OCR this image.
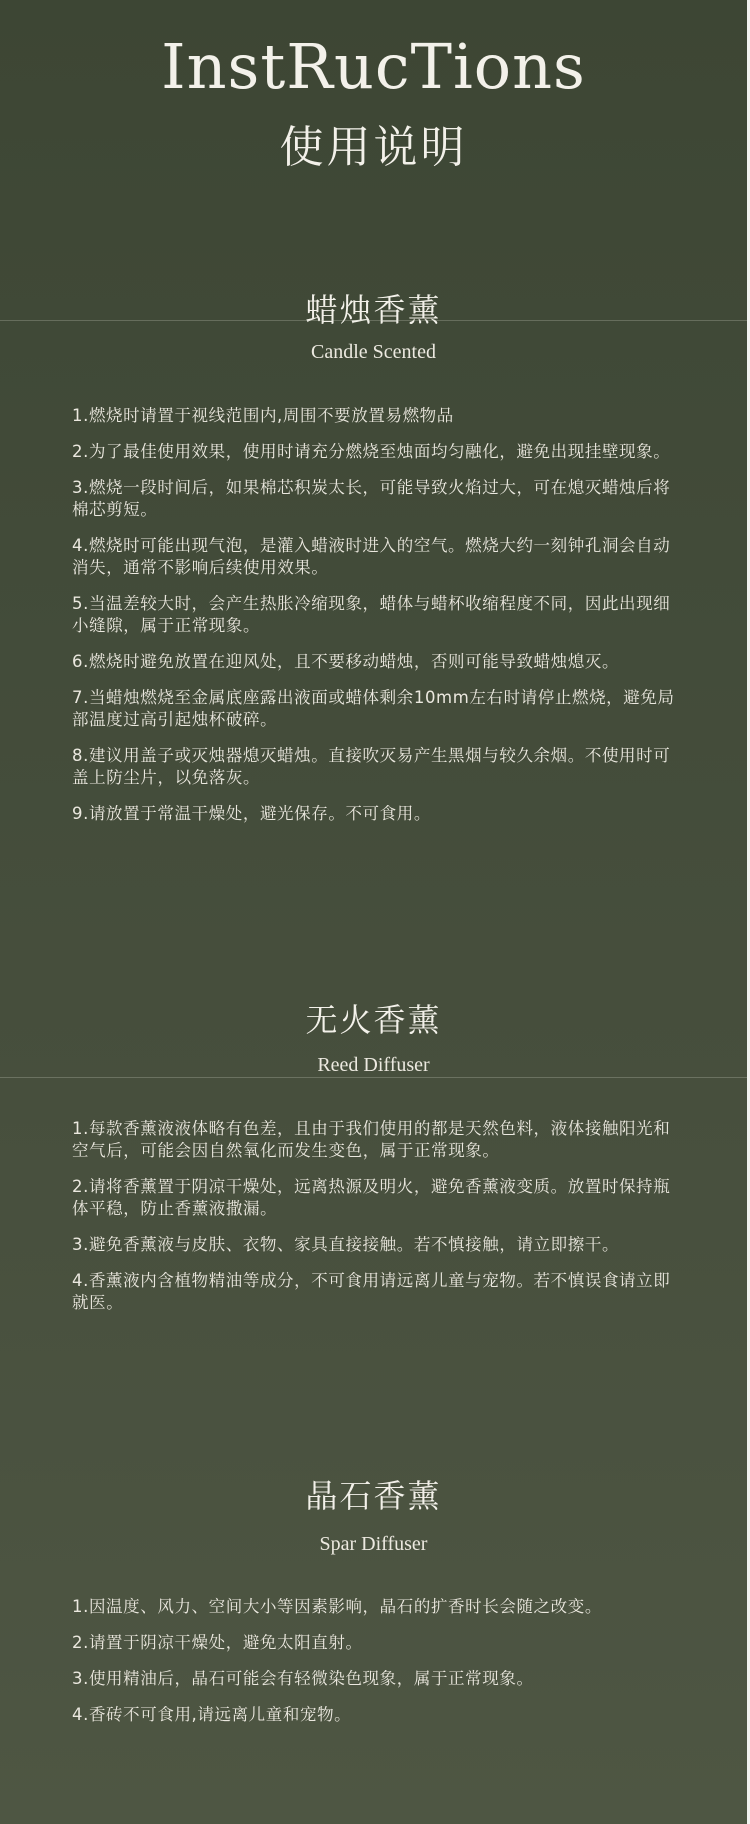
InstRucTions
使用说明
蜡烛香薰
Candle Scented
1.燃烧时请置于视线范围内,周围不要放置易燃物品
2.为了最佳使用效果，使用时请充分燃烧至烛面均匀融化，避免出现挂壁现象。
3.燃烧一段时间后，如果棉芯积炭太长，可能导致火焰过大，可在熄灭蜡烛后将棉芯剪短。
4.燃烧时可能出现气泡，是灌入蜡液时进入的空气。燃烧大约一刻钟孔洞会自动消失，通常不影响后续使用效果。
5.当温差较大时，会产生热胀冷缩现象，蜡体与蜡杯收缩程度不同，因此出现细小缝隙，属于正常现象。
6.燃烧时避免放置在迎风处，且不要移动蜡烛，否则可能导致蜡烛熄灭。
7.当蜡烛燃烧至金属底座露出液面或蜡体剩余10mm左右时请停止燃烧，避免局部温度过高引起烛杯破碎。
8.建议用盖子或灭烛器熄灭蜡烛。直接吹灭易产生黑烟与较久余烟。不使用时可盖上防尘片，以免落灰。
9.请放置于常温干燥处，避光保存。不可食用。
无火香薰
Reed Diffuser
1.每款香薰液液体略有色差，且由于我们使用的都是天然色料，液体接触阳光和空气后，可能会因自然氧化而发生变色，属于正常现象。
2.请将香薰置于阴凉干燥处，远离热源及明火，避免香薰液变质。放置时保持瓶体平稳，防止香薰液撒漏。
3.避免香薰液与皮肤、衣物、家具直接接触。若不慎接触，请立即擦干。
4.香薰液内含植物精油等成分，不可食用请远离儿童与宠物。若不慎误食请立即就医。
晶石香薰
Spar Diffuser
1.因温度、风力、空间大小等因素影响，晶石的扩香时长会随之改变。
2.请置于阴凉干燥处，避免太阳直射。
3.使用精油后，晶石可能会有轻微染色现象，属于正常现象。
4.香砖不可食用,请远离儿童和宠物。
